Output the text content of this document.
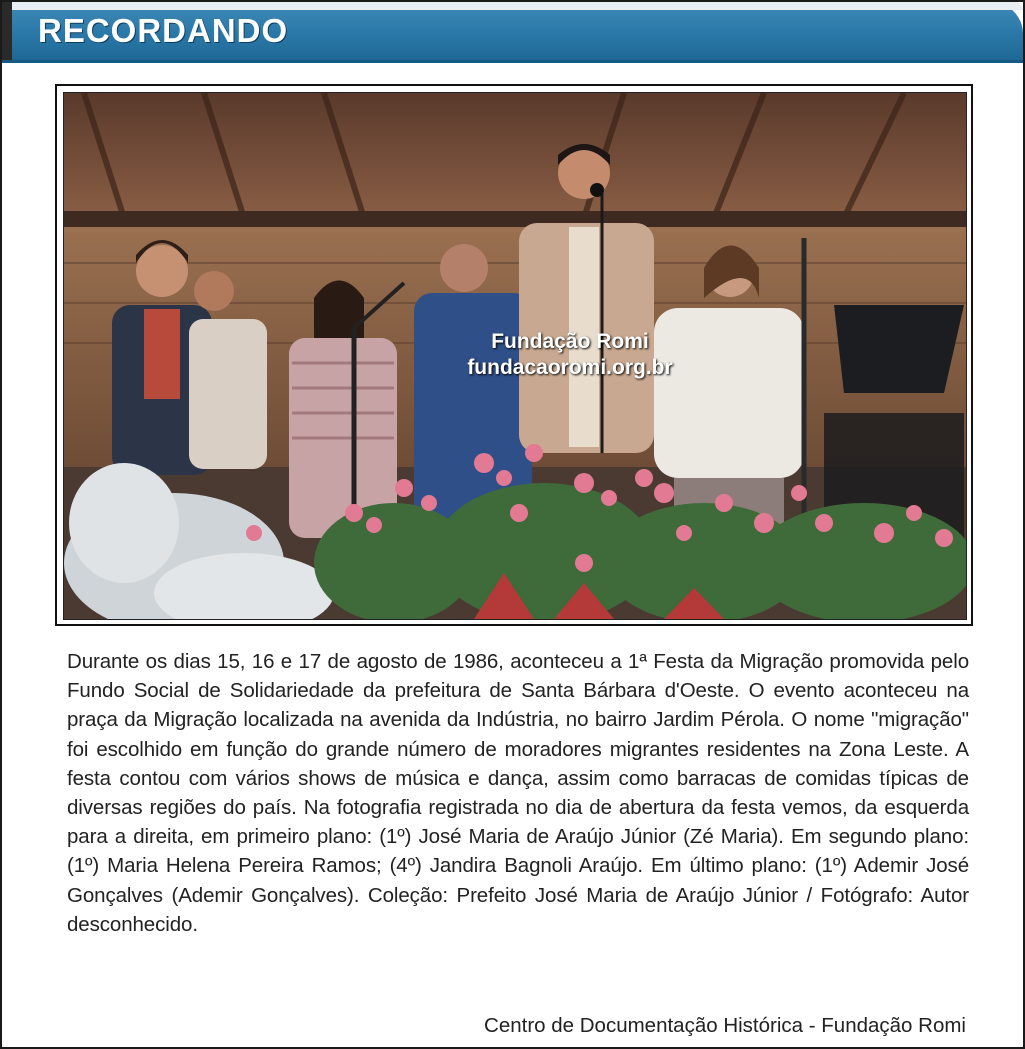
RECORDANDO
Fundação Romi
fundacaoromi.org.br
Durante os dias 15, 16 e 17 de agosto de 1986, aconteceu a 1ª Festa da Migração promovida pelo Fundo Social de Solidariedade da prefeitura de Santa Bárbara d'Oeste. O evento aconteceu na praça da Migração localizada na avenida da Indústria, no bairro Jardim Pérola. O nome "migração" foi escolhido em função do grande número de moradores migrantes residentes na Zona Leste. A festa contou com vários shows de música e dança, assim como barracas de comidas típicas de diversas regiões do país. Na fotografia registrada no dia de abertura da festa vemos, da esquerda para a direita, em primeiro plano: (1º) José Maria de Araújo Júnior (Zé Maria). Em segundo plano: (1º) Maria Helena Pereira Ramos; (4º) Jandira Bagnoli Araújo. Em último plano: (1º) Ademir José Gonçalves (Ademir Gonçalves). Coleção: Prefeito José Maria de Araújo Júnior / Fotógrafo: Autor desconhecido.
Centro de Documentação Histórica - Fundação Romi
